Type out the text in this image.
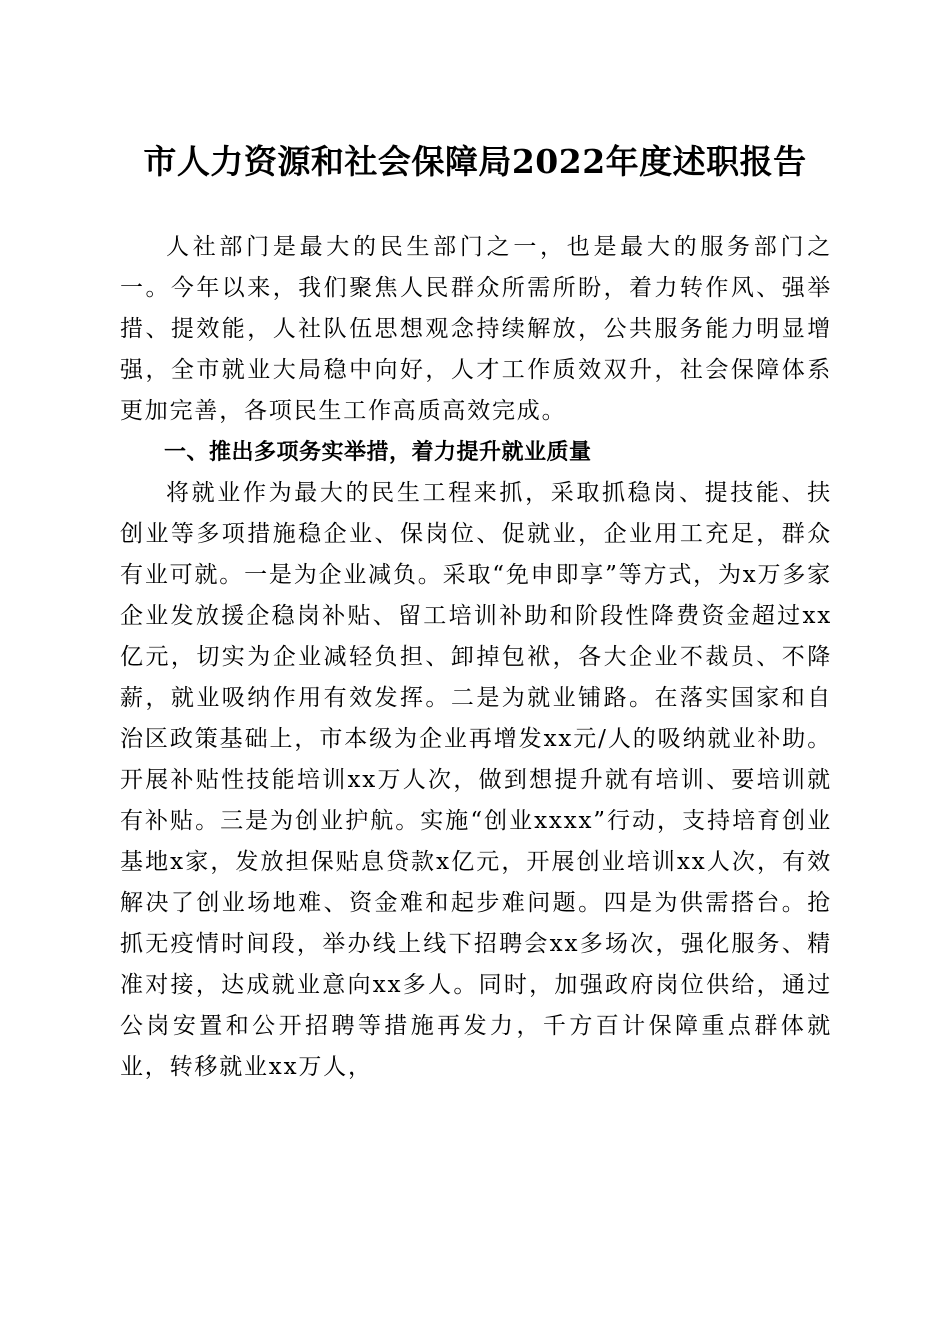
市人力资源和社会保障局2022年度述职报告

人社部门是最大的民生部门之一，也是最大的服务部门之一。今年以来，我们聚焦人民群众所需所盼，着力转作风、强举措、提效能，人社队伍思想观念持续解放，公共服务能力明显增强，全市就业大局稳中向好，人才工作质效双升，社会保障体系更加完善，各项民生工作高质高效完成。

一、推出多项务实举措，着力提升就业质量

将就业作为最大的民生工程来抓，采取抓稳岗、提技能、扶创业等多项措施稳企业、保岗位、促就业，企业用工充足，群众有业可就。一是为企业减负。采取“免申即享”等方式，为x万多家企业发放援企稳岗补贴、留工培训补助和阶段性降费资金超过xx亿元，切实为企业减轻负担、卸掉包袱，各大企业不裁员、不降薪，就业吸纳作用有效发挥。二是为就业铺路。在落实国家和自治区政策基础上，市本级为企业再增发xx元/人的吸纳就业补助。开展补贴性技能培训xx万人次，做到想提升就有培训、要培训就有补贴。三是为创业护航。实施“创业xxxx”行动，支持培育创业基地x家，发放担保贴息贷款x亿元，开展创业培训xx人次，有效解决了创业场地难、资金难和起步难问题。四是为供需搭台。抢抓无疫情时间段，举办线上线下招聘会xx多场次，强化服务、精准对接，达成就业意向xx多人。同时，加强政府岗位供给，通过公岗安置和公开招聘等措施再发力，千方百计保障重点群体就业，转移就业xx万人，
